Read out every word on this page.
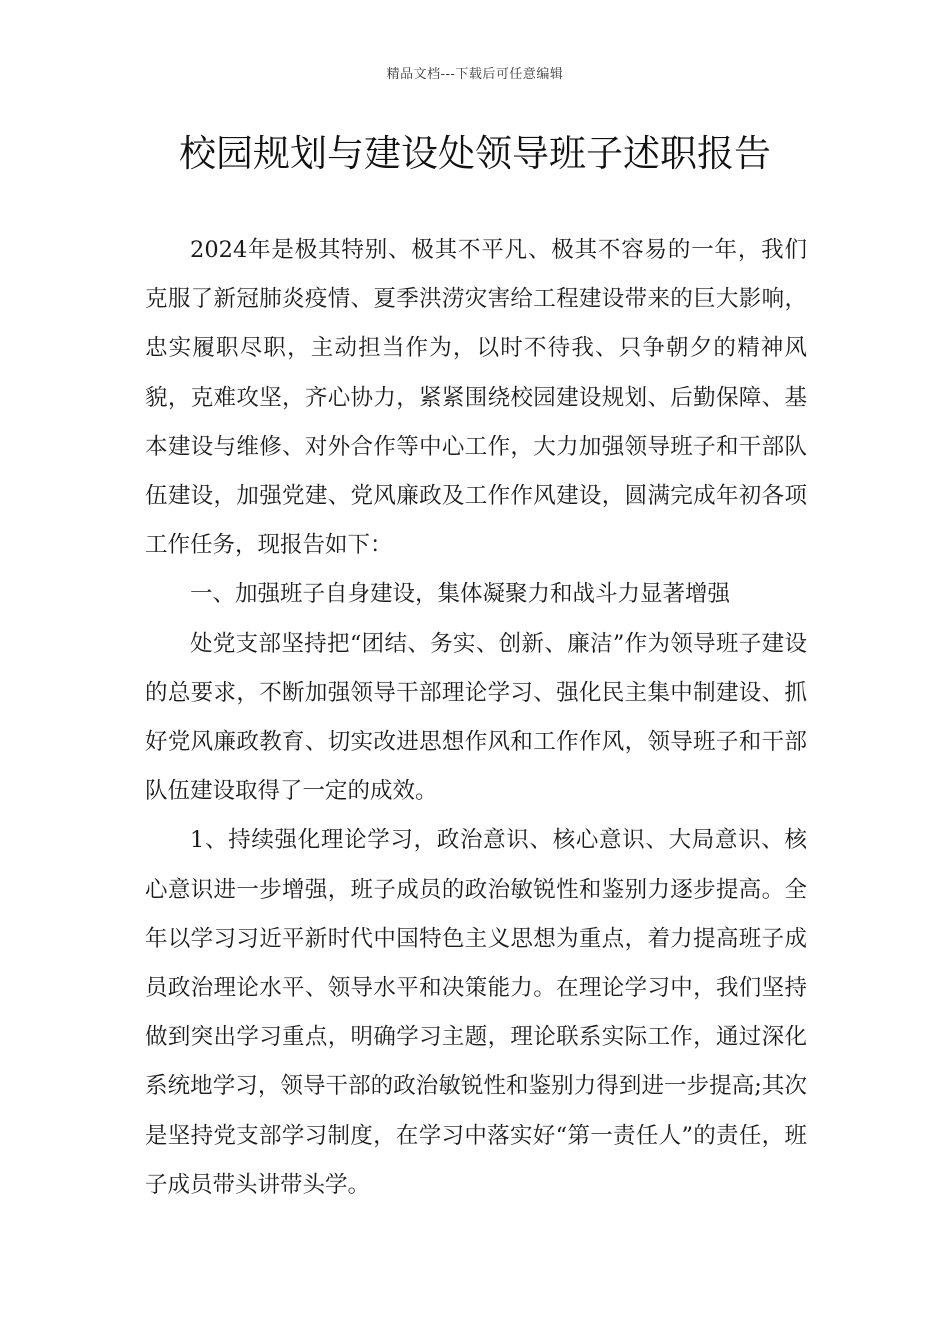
精品文档---下载后可任意编辑
校园规划与建设处领导班子述职报告

2024年是极其特别、极其不平凡、极其不容易的一年，我们克服了新冠肺炎疫情、夏季洪涝灾害给工程建设带来的巨大影响，忠实履职尽职，主动担当作为，以时不待我、只争朝夕的精神风貌，克难攻坚，齐心协力，紧紧围绕校园建设规划、后勤保障、基本建设与维修、对外合作等中心工作，大力加强领导班子和干部队伍建设，加强党建、党风廉政及工作作风建设，圆满完成年初各项工作任务，现报告如下：

一、加强班子自身建设，集体凝聚力和战斗力显著增强

处党支部坚持把“团结、务实、创新、廉洁”作为领导班子建设的总要求，不断加强领导干部理论学习、强化民主集中制建设、抓好党风廉政教育、切实改进思想作风和工作作风，领导班子和干部队伍建设取得了一定的成效。

1、持续强化理论学习，政治意识、核心意识、大局意识、核心意识进一步增强，班子成员的政治敏锐性和鉴别力逐步提高。全年以学习习近平新时代中国特色主义思想为重点，着力提高班子成员政治理论水平、领导水平和决策能力。在理论学习中，我们坚持做到突出学习重点，明确学习主题，理论联系实际工作，通过深化系统地学习，领导干部的政治敏锐性和鉴别力得到进一步提高;其次是坚持党支部学习制度，在学习中落实好“第一责任人”的责任，班子成员带头讲带头学。
